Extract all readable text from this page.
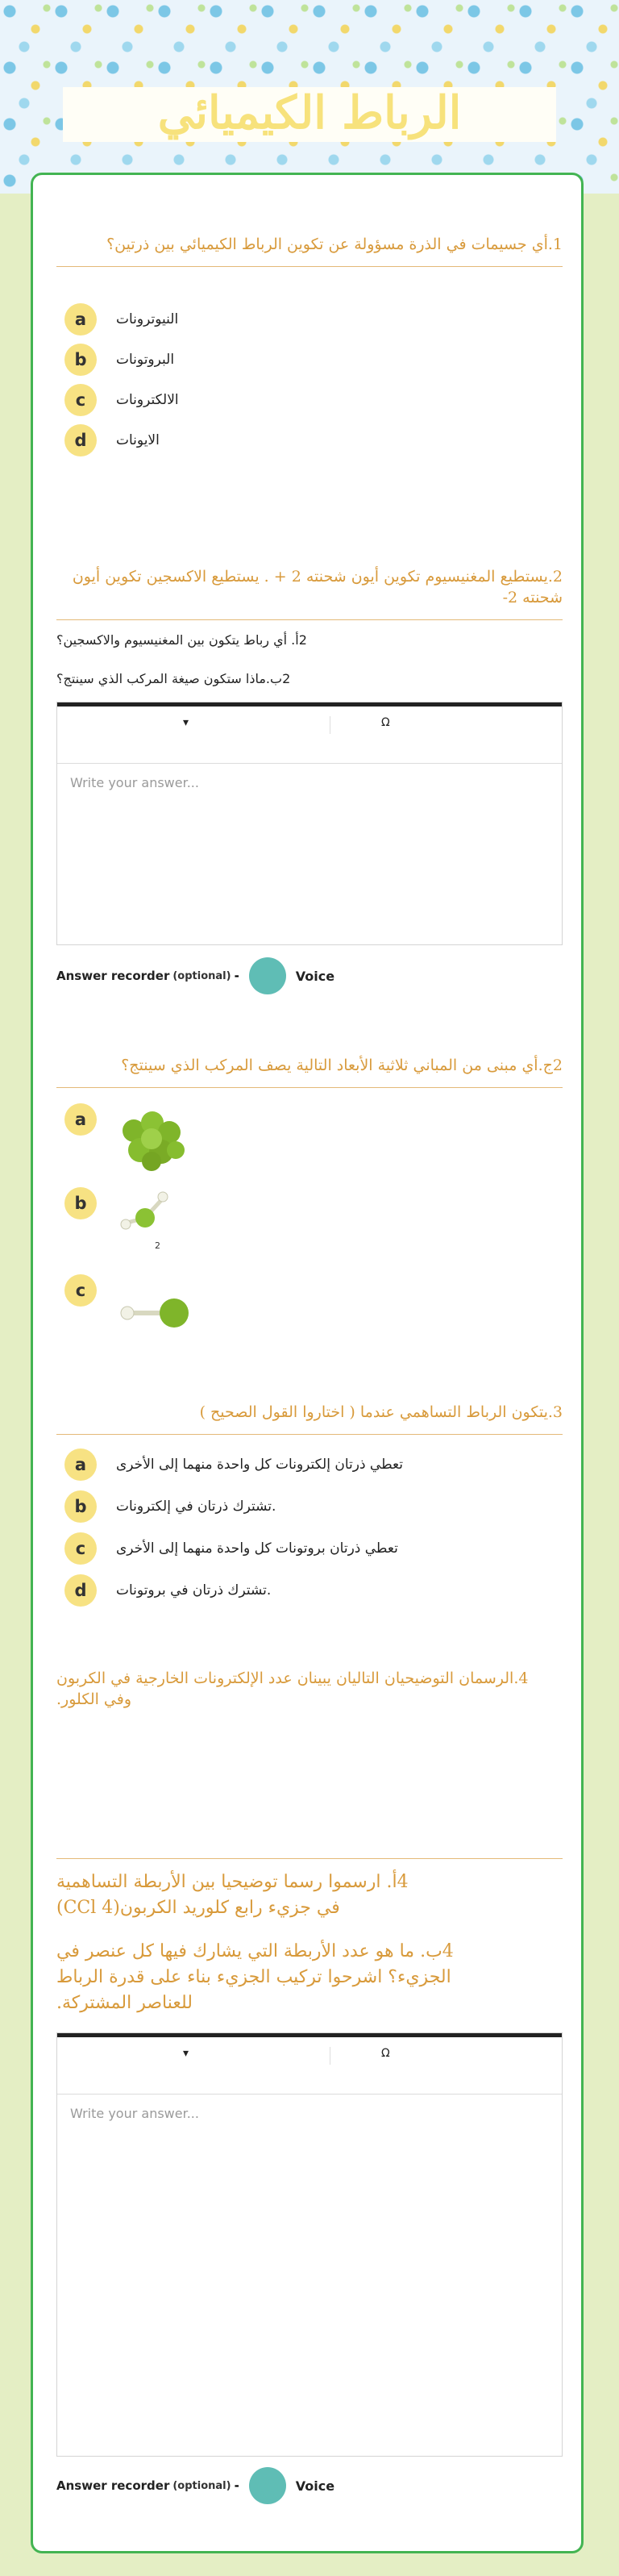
الرباط الكيميائي

1.أي جسيمات في الذرة مسؤولة عن تكوين الرباط الكيميائي بين ذرتين؟

a	النيوترونات
b	البروتونات
c	الالكترونات
d	الايونات

2.يستطيع المغنيسيوم تكوين أيون شحنته 2 + . يستطيع الاكسجين تكوين أيون شحنته 2-

2أ. أي رباط يتكون بين المغنيسيوم والاكسجين؟
2ب.ماذا ستكون صيغة المركب الذي سينتج؟
▾	Ω
Write your answer...
Answer recorder (optional) -	Voice

2ج.أي مبنى من المباني ثلاثية الأبعاد التالية يصف المركب الذي سينتج؟

a
b
2
c

3.يتكون الرباط التساهمي عندما ( اختاروا القول الصحيح )

a	تعطي ذرتان إلكترونات كل واحدة منهما إلى الأخرى
b	.تشترك ذرتان في إلكترونات
c	تعطي ذرتان بروتونات كل واحدة منهما إلى الأخرى
d	.تشترك ذرتان في بروتونات

4.الرسمان التوضيحيان التاليان يبينان عدد الإلكترونات الخارجية في الكربون وفي الكلور.

4أ. ارسموا رسما توضيحيا بين الأربطة التساهمية في جزيء رابع كلوريد الكربون(CCl 4)

4ب. ما هو عدد الأربطة التي يشارك فيها كل عنصر في الجزيء؟ اشرحوا تركيب الجزيء بناء على قدرة الرباط للعناصر المشتركة.

▾	Ω
Write your answer...
Answer recorder (optional) -	Voice
